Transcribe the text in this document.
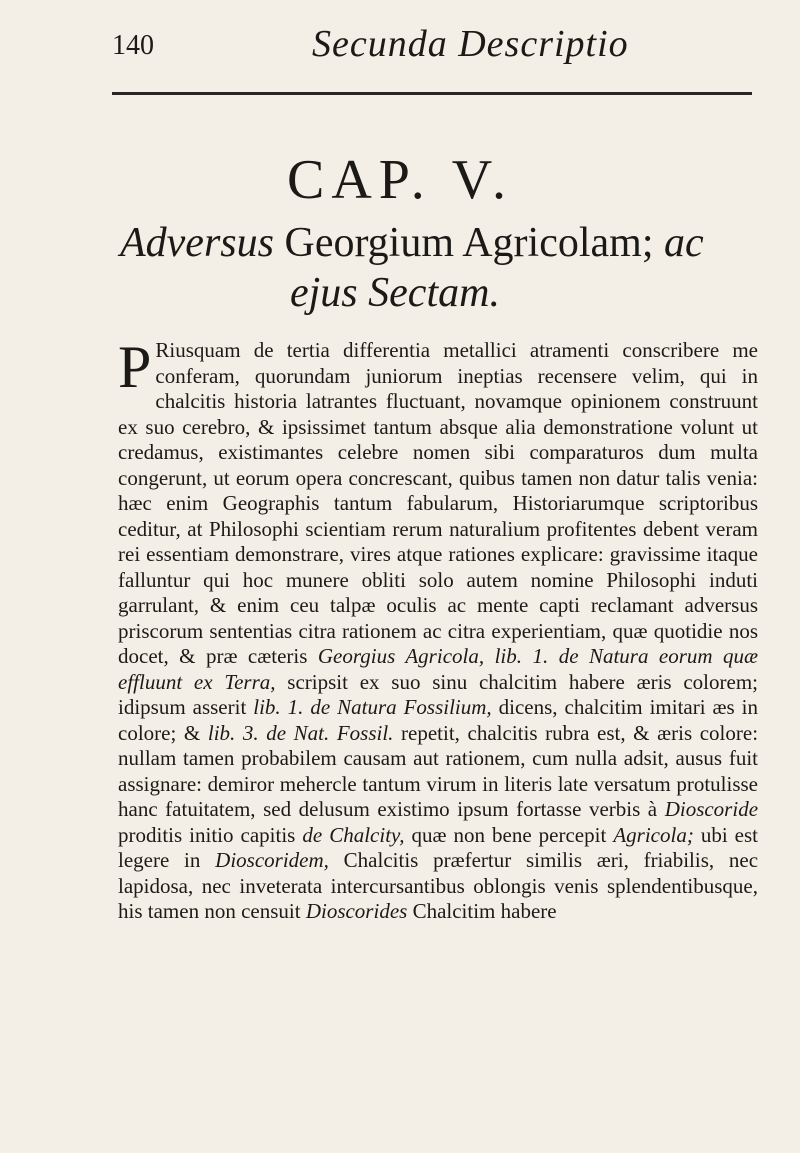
140	Secunda Descriptio
CAP. V.
Adversus Georgium Agricolam; ac
ejus Sectam.

P Riusquam de tertia differentia metallici atramenti conscribere me conferam, quorundam juniorum ineptias recensere velim, qui in chalcitis historia latrantes fluctuant, novamque opinionem construunt ex suo cerebro, & ipsissimet tantum absque alia demonstratione volunt ut credamus, existimantes celebre nomen sibi comparaturos dum multa congerunt, ut eorum opera concrescant, quibus tamen non datur talis venia: hæc enim Geographis tantum fabularum, Historiarumque scriptoribus ceditur, at Philosophi scientiam rerum naturalium profitentes debent veram rei essentiam demonstrare, vires atque rationes explicare: gravissime itaque falluntur qui hoc munere obliti solo autem nomine Philosophi induti garrulant, & enim ceu talpæ oculis ac mente capti reclamant adversus priscorum sententias citra rationem ac citra experientiam, quæ quotidie nos docet, & præ cæteris Georgius Agricola, lib. 1. de Natura eorum quæ effluunt ex Terra, scripsit ex suo sinu chalcitim habere æris colorem; idipsum asserit lib. 1. de Natura Fossilium, dicens, chalcitim imitari æs in colore; & lib. 3. de Nat. Fossil. repetit, chalcitis rubra est, & æris colore: nullam tamen probabilem causam aut rationem, cum nulla adsit, ausus fuit assignare: demiror mehercle tantum virum in literis late versatum protulisse hanc fatuitatem, sed delusum existimo ipsum fortasse verbis à Dioscoride proditis initio capitis de Chalcity, quæ non bene percepit Agricola; ubi est legere in Dioscoridem, Chalcitis præfertur similis æri, friabilis, nec lapidosa, nec inveterata intercursantibus oblongis venis splendentibusque, his tamen non censuit Dioscorides Chalcitim habere
